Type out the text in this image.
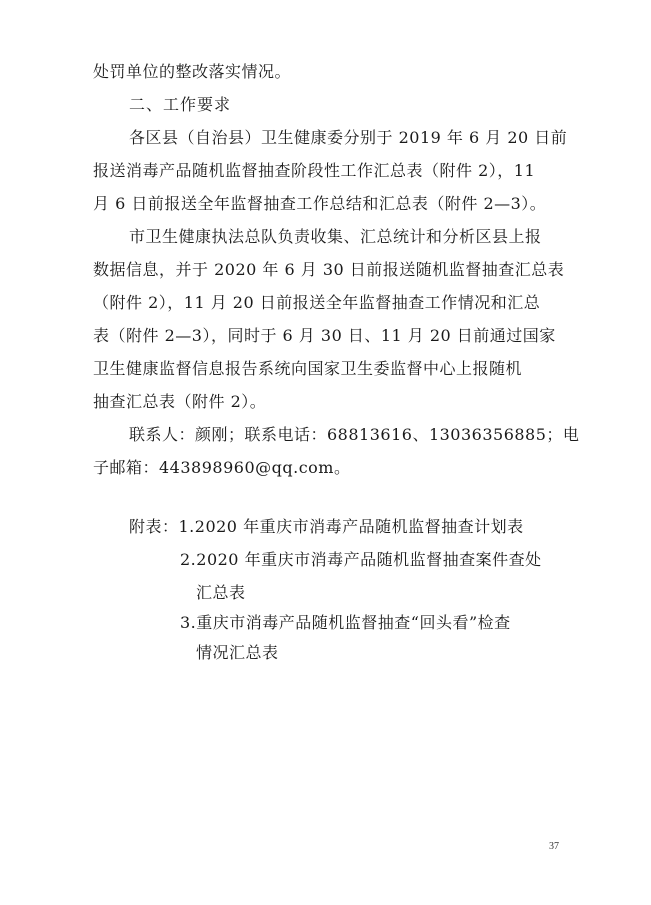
处罚单位的整改落实情况。
二、工作要求
各区县（自治县）卫生健康委分别于 2019 年 6 月 20 日前
报送消毒产品随机监督抽查阶段性工作汇总表（附件 2），11
月 6 日前报送全年监督抽查工作总结和汇总表（附件 2—3）。
市卫生健康执法总队负责收集、汇总统计和分析区县上报
数据信息，并于 2020 年 6 月 30 日前报送随机监督抽查汇总表
（附件 2），11 月 20 日前报送全年监督抽查工作情况和汇总
表（附件 2—3），同时于 6 月 30 日、11 月 20 日前通过国家
卫生健康监督信息报告系统向国家卫生委监督中心上报随机
抽查汇总表（附件 2）。
联系人：颜刚；联系电话：68813616、13036356885；电
子邮箱：443898960@qq.com。
附表：1.2020 年重庆市消毒产品随机监督抽查计划表
2.2020 年重庆市消毒产品随机监督抽查案件查处
汇总表
3.重庆市消毒产品随机监督抽查“回头看”检查
情况汇总表
37
